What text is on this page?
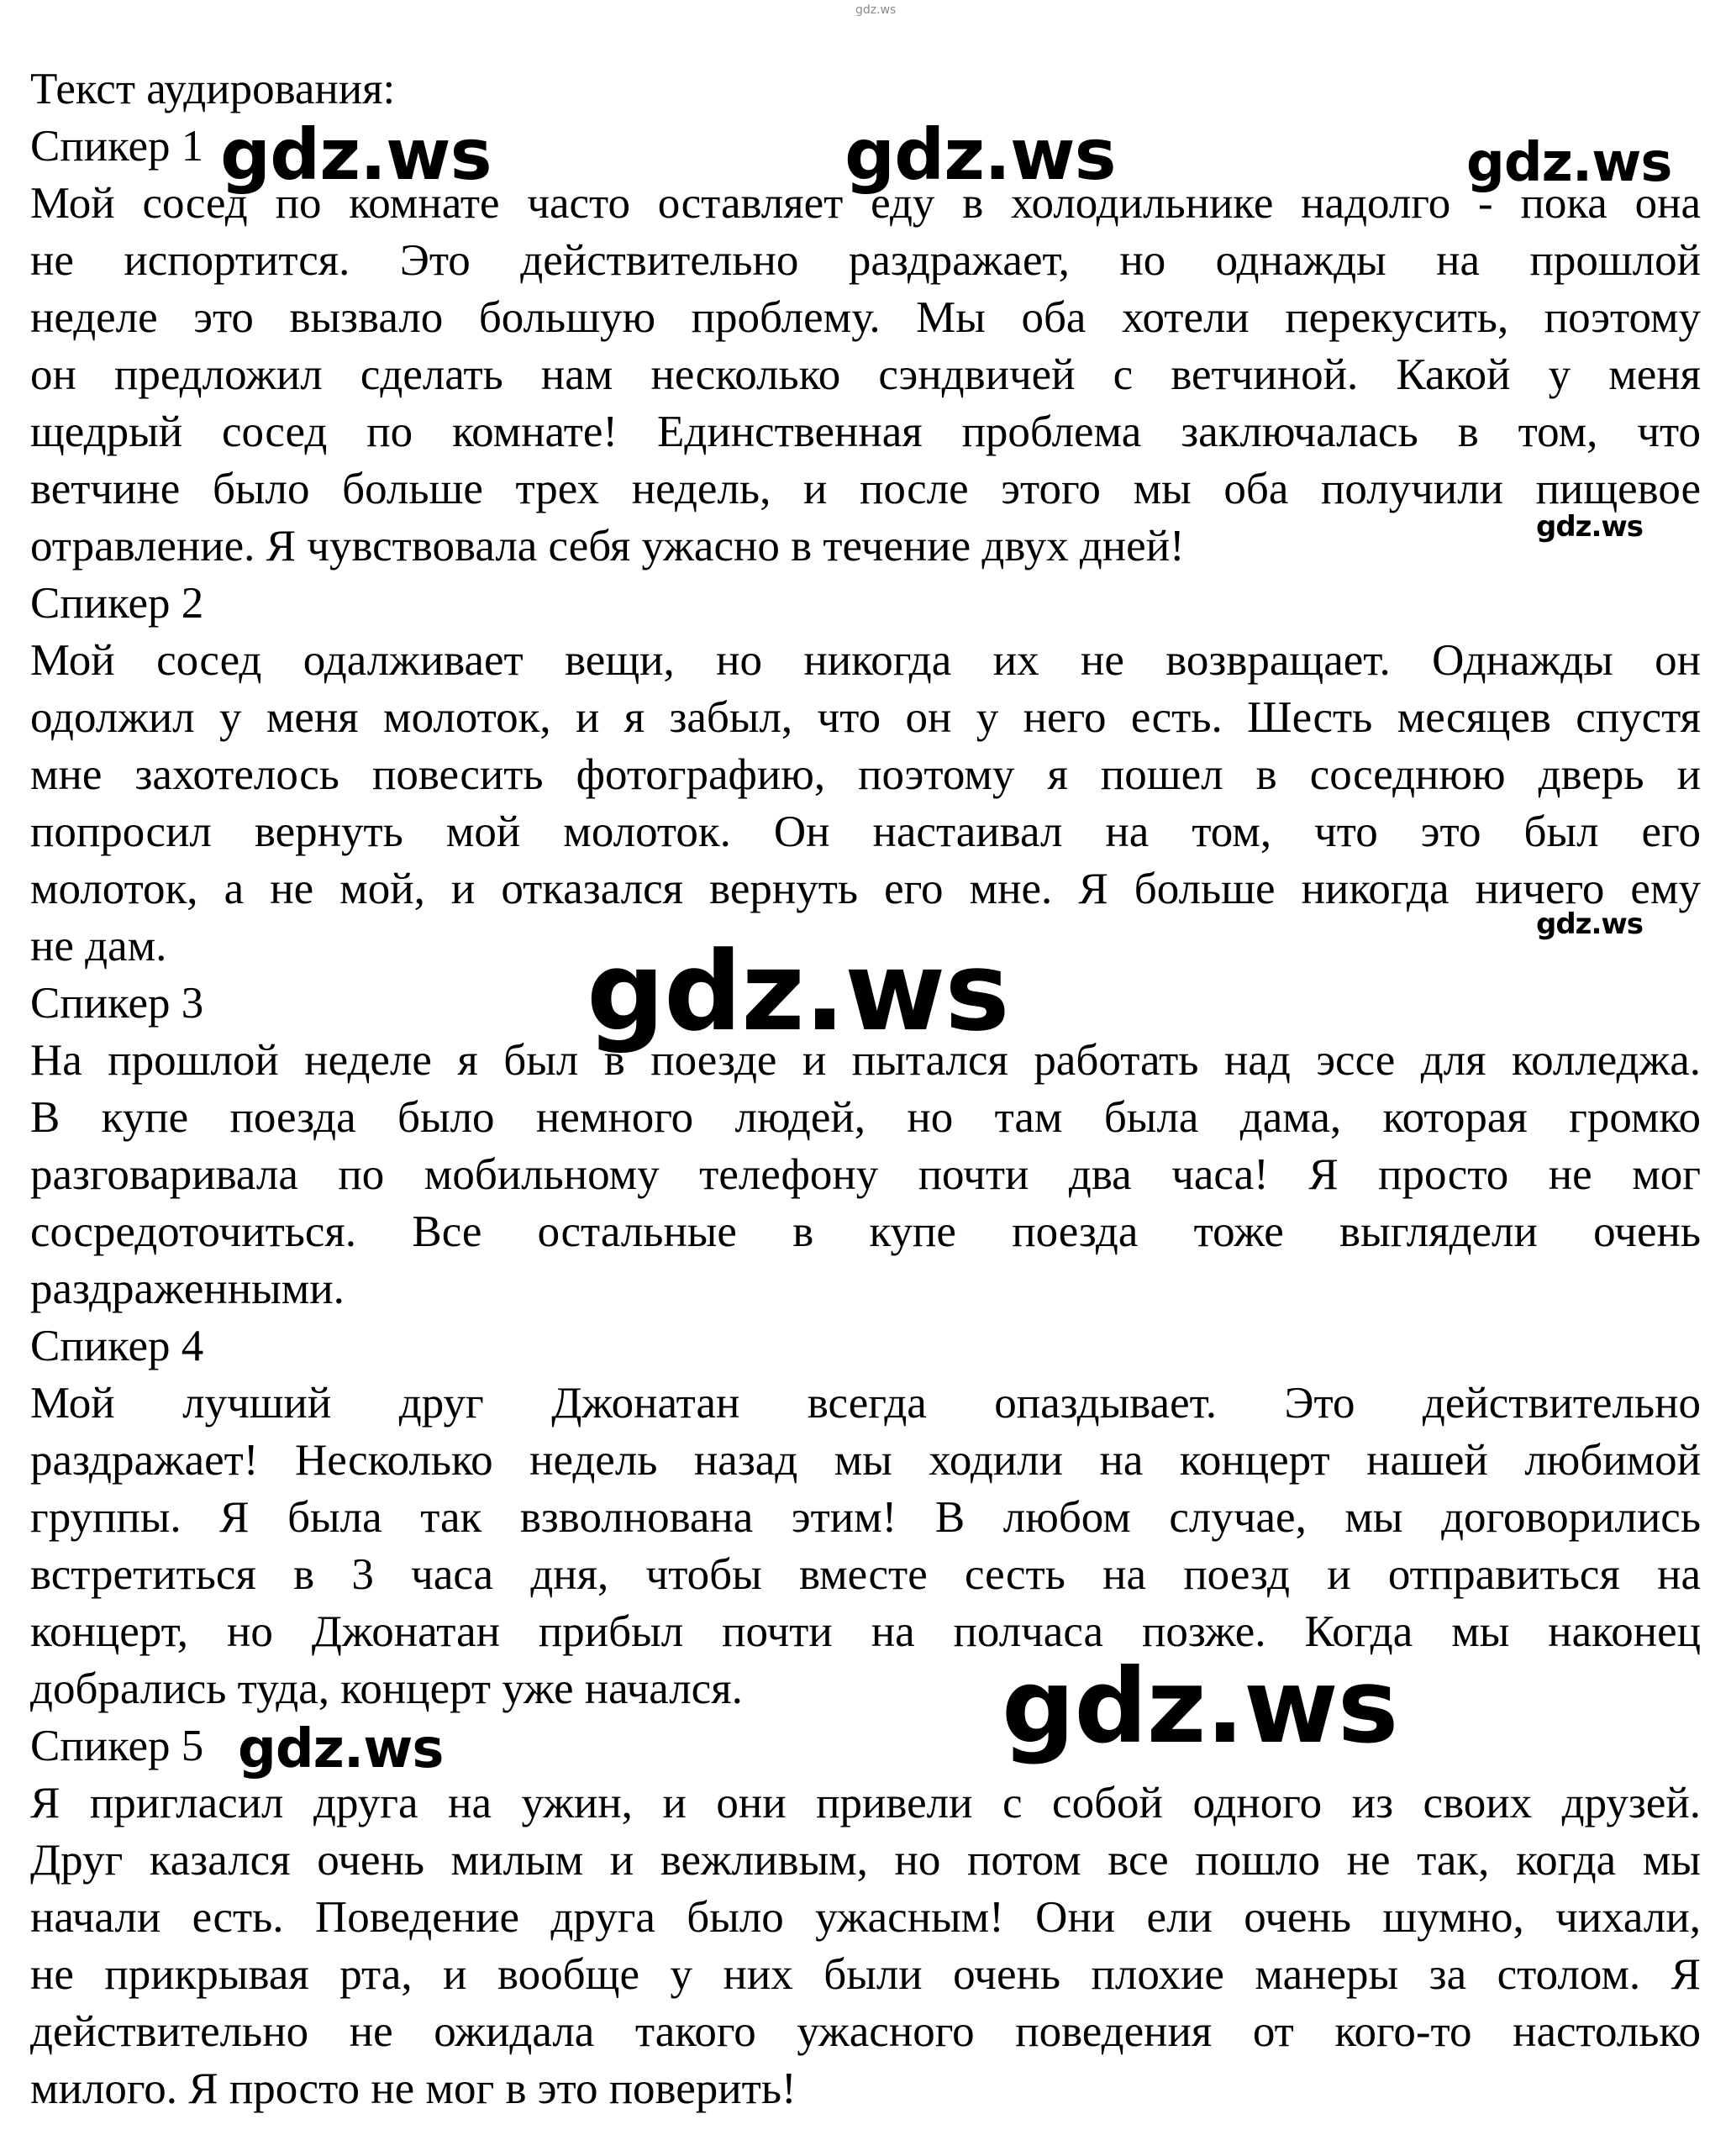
gdz.ws
Текст аудирования:
Спикер 1
Мой сосед по комнате часто оставляет еду в холодильнике надолго - пока она
не испортится. Это действительно раздражает, но однажды на прошлой
неделе это вызвало большую проблему. Мы оба хотели перекусить, поэтому
он предложил сделать нам несколько сэндвичей с ветчиной. Какой у меня
щедрый сосед по комнате! Единственная проблема заключалась в том, что
ветчине было больше трех недель, и после этого мы оба получили пищевое
отравление. Я чувствовала себя ужасно в течение двух дней!
Спикер 2
Мой сосед одалживает вещи, но никогда их не возвращает. Однажды он
одолжил у меня молоток, и я забыл, что он у него есть. Шесть месяцев спустя
мне захотелось повесить фотографию, поэтому я пошел в соседнюю дверь и
попросил вернуть мой молоток. Он настаивал на том, что это был его
молоток, а не мой, и отказался вернуть его мне. Я больше никогда ничего ему
не дам.
Спикер 3
На прошлой неделе я был в поезде и пытался работать над эссе для колледжа.
В купе поезда было немного людей, но там была дама, которая громко
разговаривала по мобильному телефону почти два часа! Я просто не мог
сосредоточиться. Все остальные в купе поезда тоже выглядели очень
раздраженными.
Спикер 4
Мой лучший друг Джонатан всегда опаздывает. Это действительно
раздражает! Несколько недель назад мы ходили на концерт нашей любимой
группы. Я была так взволнована этим! В любом случае, мы договорились
встретиться в 3 часа дня, чтобы вместе сесть на поезд и отправиться на
концерт, но Джонатан прибыл почти на полчаса позже. Когда мы наконец
добрались туда, концерт уже начался.
Спикер 5
Я пригласил друга на ужин, и они привели с собой одного из своих друзей.
Друг казался очень милым и вежливым, но потом все пошло не так, когда мы
начали есть. Поведение друга было ужасным! Они ели очень шумно, чихали,
не прикрывая рта, и вообще у них были очень плохие манеры за столом. Я
действительно не ожидала такого ужасного поведения от кого-то настолько
милого. Я просто не мог в это поверить!
gdz.ws	gdz.ws	gdz.ws
gdz.ws
gdz.ws
gdz.ws
gdz.ws
gdz.ws
